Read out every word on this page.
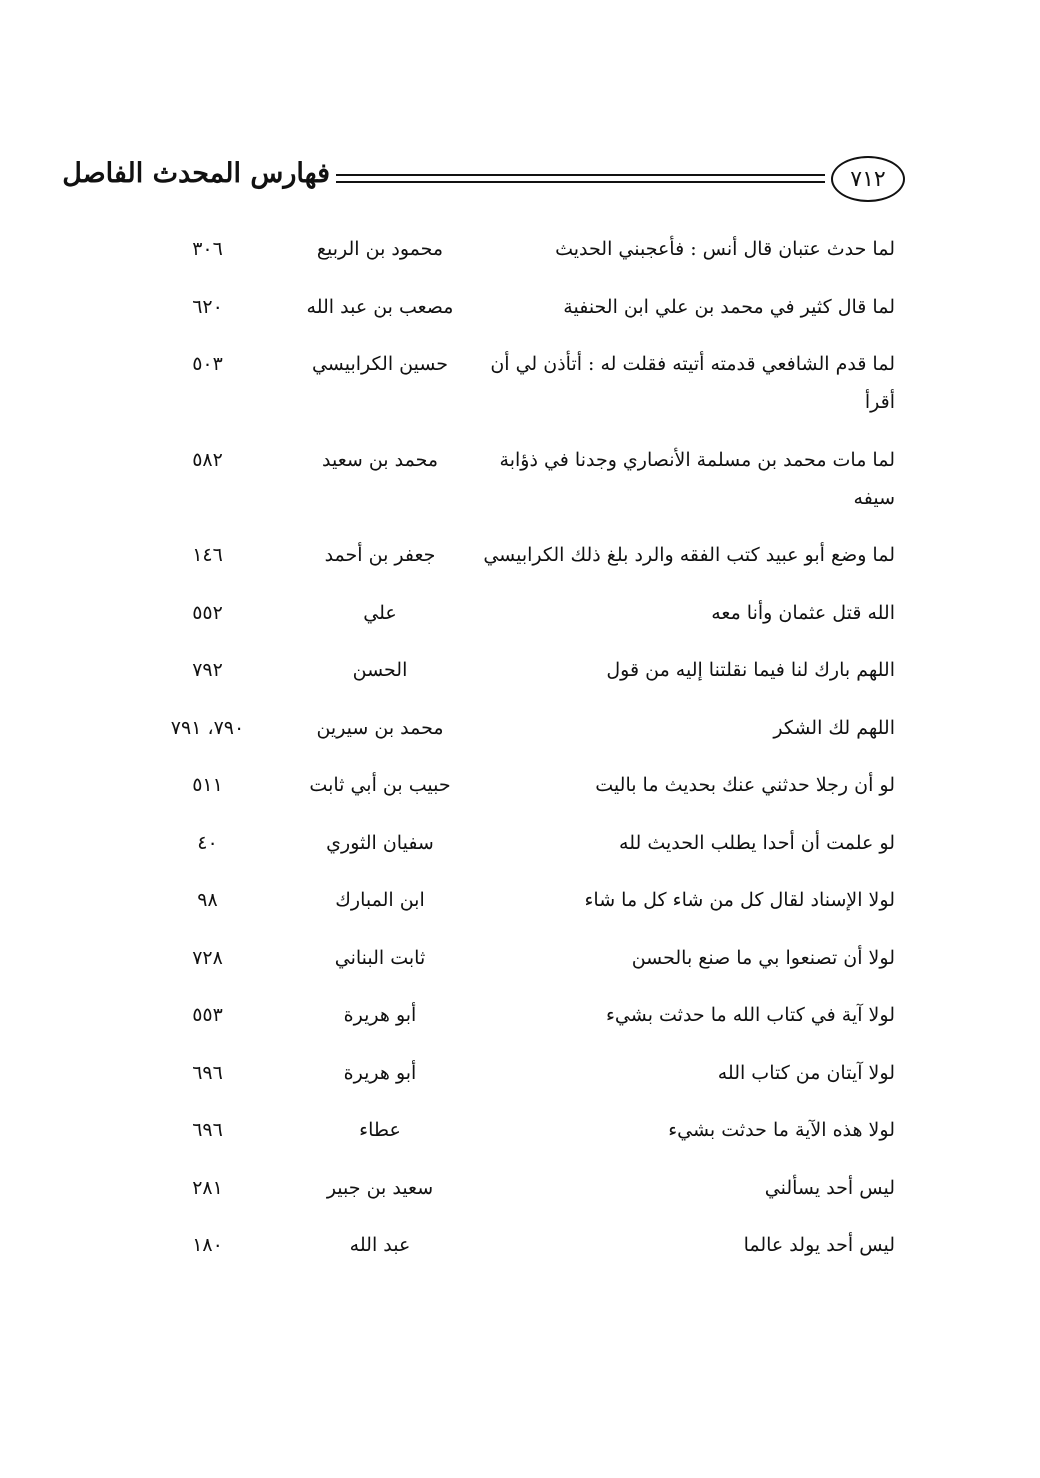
٧١٢
فهارس المحدث الفاصل
لما حدث عتبان قال أنس : فأعجبني الحديث
محمود بن الربيع
٣٠٦
لما قال كثير في محمد بن علي ابن الحنفية
مصعب بن عبد الله
٦٢٠
لما قدم الشافعي قدمته أتيته فقلت له : أتأذن لي أن أقرأ
حسين الكرابيسي
٥٠٣
لما مات محمد بن مسلمة الأنصاري وجدنا في ذؤابة سيفه
محمد بن سعيد
٥٨٢
لما وضع أبو عبيد كتب الفقه والرد بلغ ذلك الكرابيسي
جعفر بن أحمد
١٤٦
الله قتل عثمان وأنا معه
علي
٥٥٢
اللهم بارك لنا فيما نقلتنا إليه من قول
الحسن
٧٩٢
اللهم لك الشكر
محمد بن سيرين
٧٩٠، ٧٩١
لو أن رجلا حدثني عنك بحديث ما باليت
حبيب بن أبي ثابت
٥١١
لو علمت أن أحدا يطلب الحديث لله
سفيان الثوري
٤٠
لولا الإسناد لقال كل من شاء كل ما شاء
ابن المبارك
٩٨
لولا أن تصنعوا بي ما صنع بالحسن
ثابت البناني
٧٢٨
لولا آية في كتاب الله ما حدثت بشيء
أبو هريرة
٥٥٣
لولا آيتان من كتاب الله
أبو هريرة
٦٩٦
لولا هذه الآية ما حدثت بشيء
عطاء
٦٩٦
ليس أحد يسألني
سعيد بن جبير
٢٨١
ليس أحد يولد عالما
عبد الله
١٨٠
